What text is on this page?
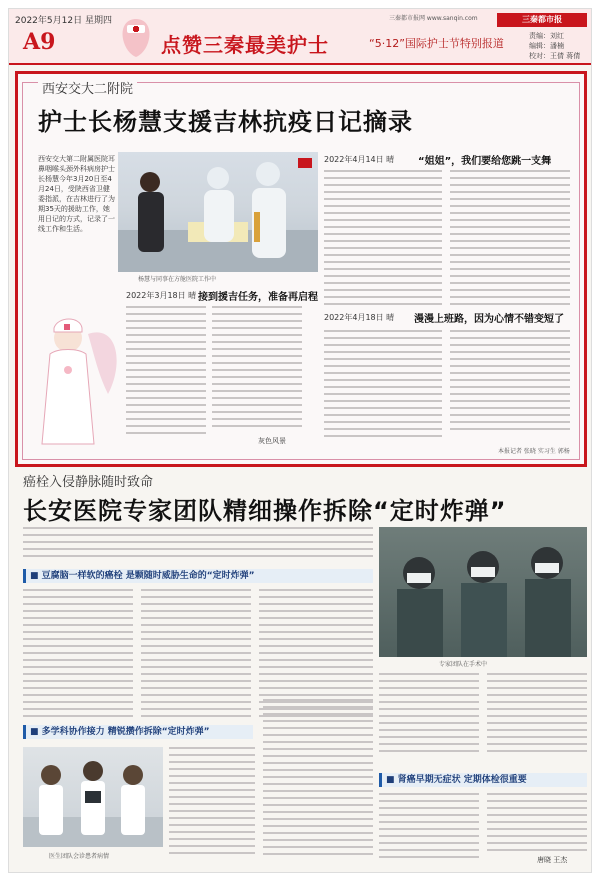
2022年5月12日 星期四
A9	点赞三秦最美护士
三秦都市报网 www.sanqin.com
“5·12”国际护士节特别报道
三秦都市报
责编：刘红
编辑：潘楠
校对：王倩 蒋倩
西安交大二附院
护士长杨慧支援吉林抗疫日记摘录
西安交大第二附属医院耳鼻咽喉头颈外科病房护士长杨慧今年3月20日至4月24日，受陕西省卫健委指派，在吉林进行了为期35天的援助工作，她用日记的方式，记录了一线工作和生活。
杨慧与同事在方舱医院工作中
2022年3月18日 晴 接到援吉任务，准备再启程
灰色风景
2022年4月14日 晴 “姐姐”，我们要给您跳一支舞
2022年4月18日 晴 漫漫上班路，因为心情不错变短了
本报记者 张晓 实习生 郭杨
癌栓入侵静脉随时致命
长安医院专家团队精细操作拆除“定时炸弹”
■ 豆腐脑一样软的癌栓 是颗随时威胁生命的“定时炸弹”
专家团队在手术中
■ 多学科协作接力 精锐攒作拆除“定时炸弹”
医生团队会诊患者病情
■ 肾癌早期无症状 定期体检很重要
唐晓 王杰
